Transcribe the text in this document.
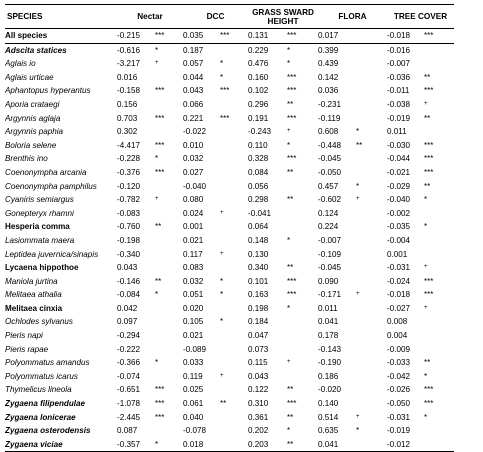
SPECIES	Nectar		DCC		GRASS SWARD HEIGHT		FLORA		TREE COVER	
All species	-0.215	***	0.035	***	0.131	***	0.017		-0.018	***
Adscita statices	-0.616	*	0.187		0.229	*	0.399		-0.016	
Aglais io	-3.217	+	0.057	*	0.476	*	0.439		-0.007	
Aglais urticae	0.016		0.044	*	0.160	***	0.142		-0.036	**
Aphantopus hyperantus	-0.158	***	0.043	***	0.102	***	0.036		-0.011	***
Aporia crataegi	0.156		0.066		0.296	**	-0.231		-0.038	+
Argynnis aglaja	0.703	***	0.221	***	0.191	***	-0.119		-0.019	**
Argynnis paphia	0.302		-0.022		-0.243	+	0.608	*	0.011	
Boloria selene	-4.417	***	0.010		0.110	*	-0.448	**	-0.030	***
Brenthis ino	-0.228	*	0.032		0.328	***	-0.045		-0.044	***
Coenonympha arcania	-0.376	***	0.027		0.084	**	-0.050		-0.021	***
Coenonympha pamphilus	-0.120		-0.040		0.056		0.457	*	-0.029	**
Cyaniris semiargus	-0.782	+	0.080		0.298	**	-0.602	+	-0.040	*
Gonepteryx rhamni	-0.083		0.024	+	-0.041		0.124		-0.002	
Hesperia comma	-0.760	**	0.001		0.064		0.224		-0.035	*
Lasiommata maera	-0.198		0.021		0.148	*	-0.007		-0.004	
Leptidea juvernica/sinapis	-0.340		0.117	+	0.130		-0.109		0.001	
Lycaena hippothoe	0.043		0.083		0.340	**	-0.045		-0.031	+
Maniola jurtina	-0.146	**	0.032	*	0.101	***	0.090		-0.024	***
Melitaea athalia	-0.084	*	0.051	*	0.163	***	-0.171	+	-0.018	***
Melitaea cinxia	0.042		0.020		0.198	*	0.011		-0.027	+
Ochlodes sylvanus	0.097		0.105	*	0.184		0.041		0.008	
Pieris napi	-0.294		0.021		0.047		0.178		0.004	
Pieris rapae	-0.222		-0.089		0.073		-0.143		-0.009	
Polyommatus amandus	-0.366	*	0.033		0.115	+	-0.190		-0.033	**
Polyommatus icarus	-0.074		0.119	+	0.043		0.186		-0.042	*
Thymelicus lineola	-0.651	***	0.025		0.122	**	-0.020		-0.026	***
Zygaena filipendulae	-1.078	***	0.061	**	0.310	***	0.140		-0.050	***
Zygaena lonicerae	-2.445	***	0.040		0.361	**	0.514	+	-0.031	*
Zygaena osterodensis	0.087		-0.078		0.202	*	0.635	*	-0.019	
Zygaena viciae	-0.357	*	0.018		0.203	**	0.041		-0.012	
